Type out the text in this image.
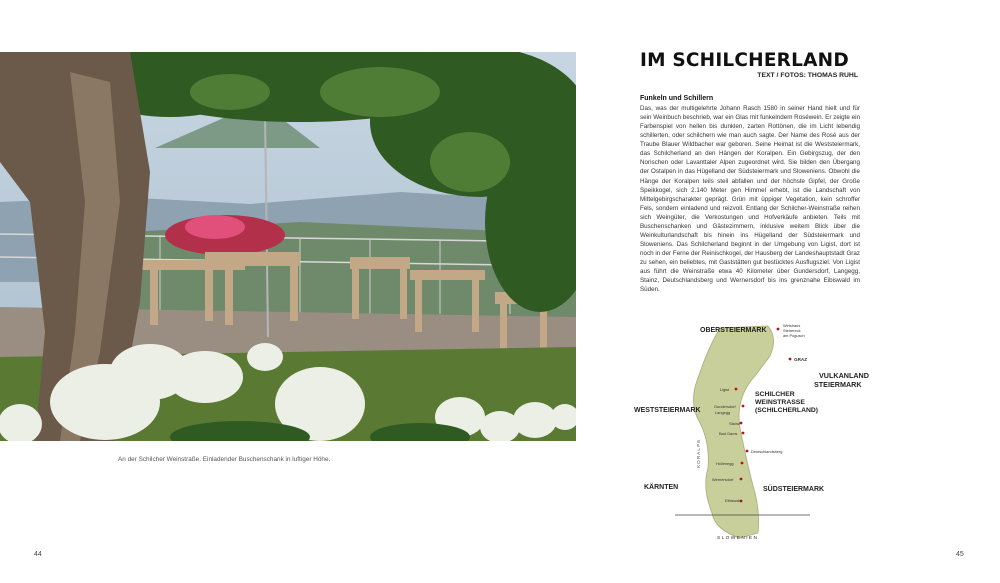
An der Schilcher Weinstraße. Einladender Buschenschank in luftiger Höhe.
44
IM SCHILCHERLAND
TEXT / FOTOS: THOMAS RUHL
Funkeln und Schillern

Das, was der multigelehrte Johann Rasch 1580 in seiner Hand hielt und für sein Weinbuch beschrieb, war ein Glas mit funkelndem Roséwein. Er zeigte ein Farbenspiel von hellen bis dunklen, zarten Rottönen, die im Licht lebendig schillerten, oder schilchern wie man auch sagte. Der Name des Rosé aus der Traube Blauer Wildbacher war geboren. Seine Heimat ist die Weststeiermark, das Schilcherland an den Hängen der Koralpen. Ein Gebirgszug, der den Norischen oder Lavanttaler Alpen zugeordnet wird. Sie bilden den Übergang der Ostalpen in das Hügelland der Südsteiermark und Sloweniens. Obwohl die Hänge der Koralpen teils steil abfallen und der höchste Gipfel, der Große Speikkogel, sich 2.140 Meter gen Himmel erhebt, ist die Landschaft von Mittelgebirgscharakter geprägt. Grün mit üppiger Vegetation, kein schroffer Fels, sondern einladend und reizvoll. Entlang der Schilcher-Weinstraße reihen sich Weingüter, die Verkostungen und Hofverkäufe anbieten. Teils mit Buschenschanken und Gästezimmern, inklusive weitem Blick über die Weinkulturlandschaft bis hinein ins Hügelland der Südsteiermark und Sloweniens. Das Schilcherland beginnt in der Umgebung von Ligist, dort ist noch in der Ferne der Reinischkogel, der Hausberg der Landeshauptstadt Graz zu sehen, ein beliebtes, mit Gaststätten gut bestücktes Ausflugsziel. Von Ligist aus führt die Weinstraße etwa 40 Kilometer über Gundersdorf, Langegg, Stainz, Deutschlandsberg und Wernersdorf bis ins grenznahe Eibiswald im Süden.

OBERSTEIERMARK
VULKANLAND
STEIERMARK
WESTSTEIERMARK
KÄRNTEN	SÜDSTEIERMARK
SLOWENIEN
KORALPE
SCHILCHER
WEINSTRASSE
(SCHILCHERLAND)
Wirtshaus
Steirereck
am Pogusch
GRAZ
Ligist
Gundersdorf
Langegg
Stainz
Bad Gams
Deutschlandsberg
Hollenegg
Wernersdorf
Eibiswald
45
